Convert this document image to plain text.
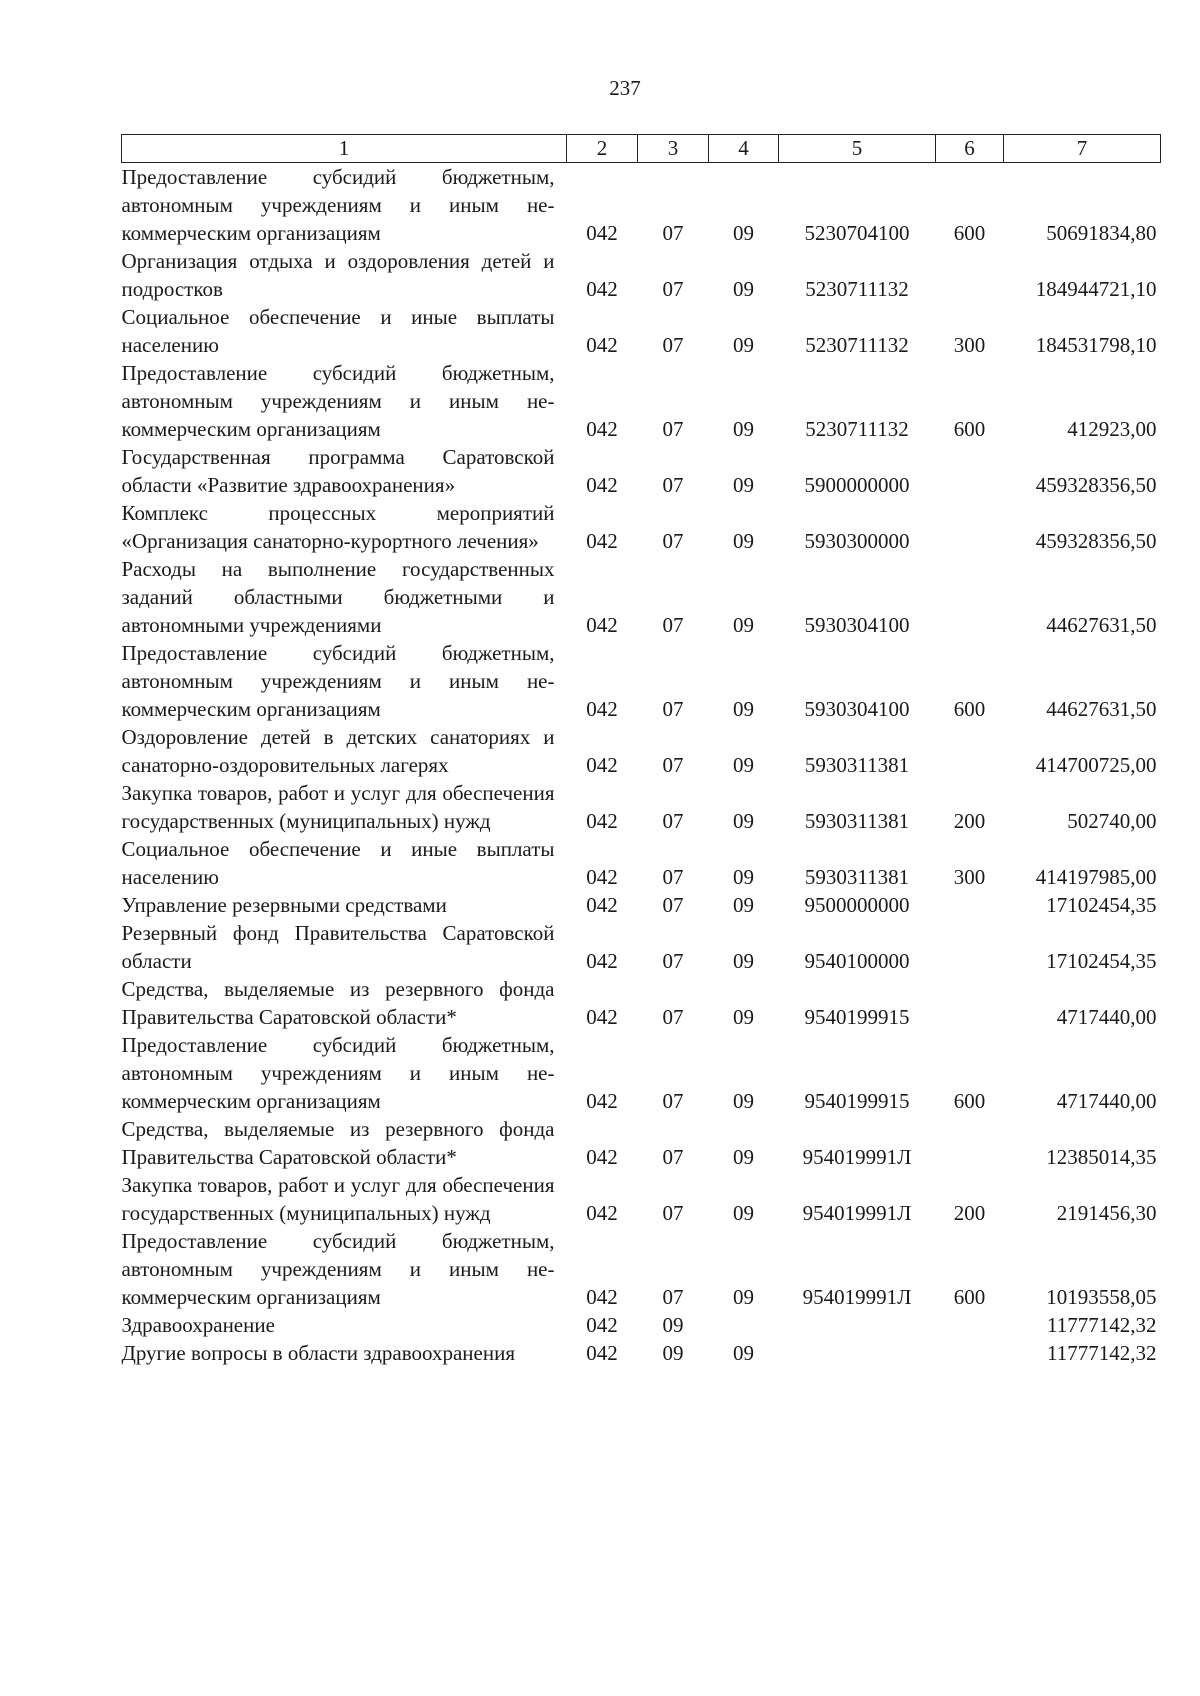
237
1	2	3	4	5	6	7
Предоставление субсидий бюджетным, автономным учреждениям и иным некоммерческим организациям	042	07	09	5230704100	600	50691834,80
Организация отдыха и оздоровления детей и подростков	042	07	09	5230711132		184944721,10
Социальное обеспечение и иные выплаты населению	042	07	09	5230711132	300	184531798,10
Предоставление субсидий бюджетным, автономным учреждениям и иным некоммерческим организациям	042	07	09	5230711132	600	412923,00
Государственная программа Саратовской области «Развитие здравоохранения»	042	07	09	5900000000		459328356,50
Комплекс процессных мероприятий «Организация санаторно-курортного лечения»	042	07	09	5930300000		459328356,50
Расходы на выполнение государственных заданий областными бюджетными и автономными учреждениями	042	07	09	5930304100		44627631,50
Предоставление субсидий бюджетным, автономным учреждениям и иным некоммерческим организациям	042	07	09	5930304100	600	44627631,50
Оздоровление детей в детских санаториях и санаторно-оздоровительных лагерях	042	07	09	5930311381		414700725,00
Закупка товаров, работ и услуг для обеспечения государственных (муниципальных) нужд	042	07	09	5930311381	200	502740,00
Социальное обеспечение и иные выплаты населению	042	07	09	5930311381	300	414197985,00
Управление резервными средствами	042	07	09	9500000000		17102454,35
Резервный фонд Правительства Саратовской области	042	07	09	9540100000		17102454,35
Средства, выделяемые из резервного фонда Правительства Саратовской области*	042	07	09	9540199915		4717440,00
Предоставление субсидий бюджетным, автономным учреждениям и иным некоммерческим организациям	042	07	09	9540199915	600	4717440,00
Средства, выделяемые из резервного фонда Правительства Саратовской области*	042	07	09	954019991Л		12385014,35
Закупка товаров, работ и услуг для обеспечения государственных (муниципальных) нужд	042	07	09	954019991Л	200	2191456,30
Предоставление субсидий бюджетным, автономным учреждениям и иным некоммерческим организациям	042	07	09	954019991Л	600	10193558,05
Здравоохранение	042	09				11777142,32
Другие вопросы в области здравоохранения	042	09	09			11777142,32
